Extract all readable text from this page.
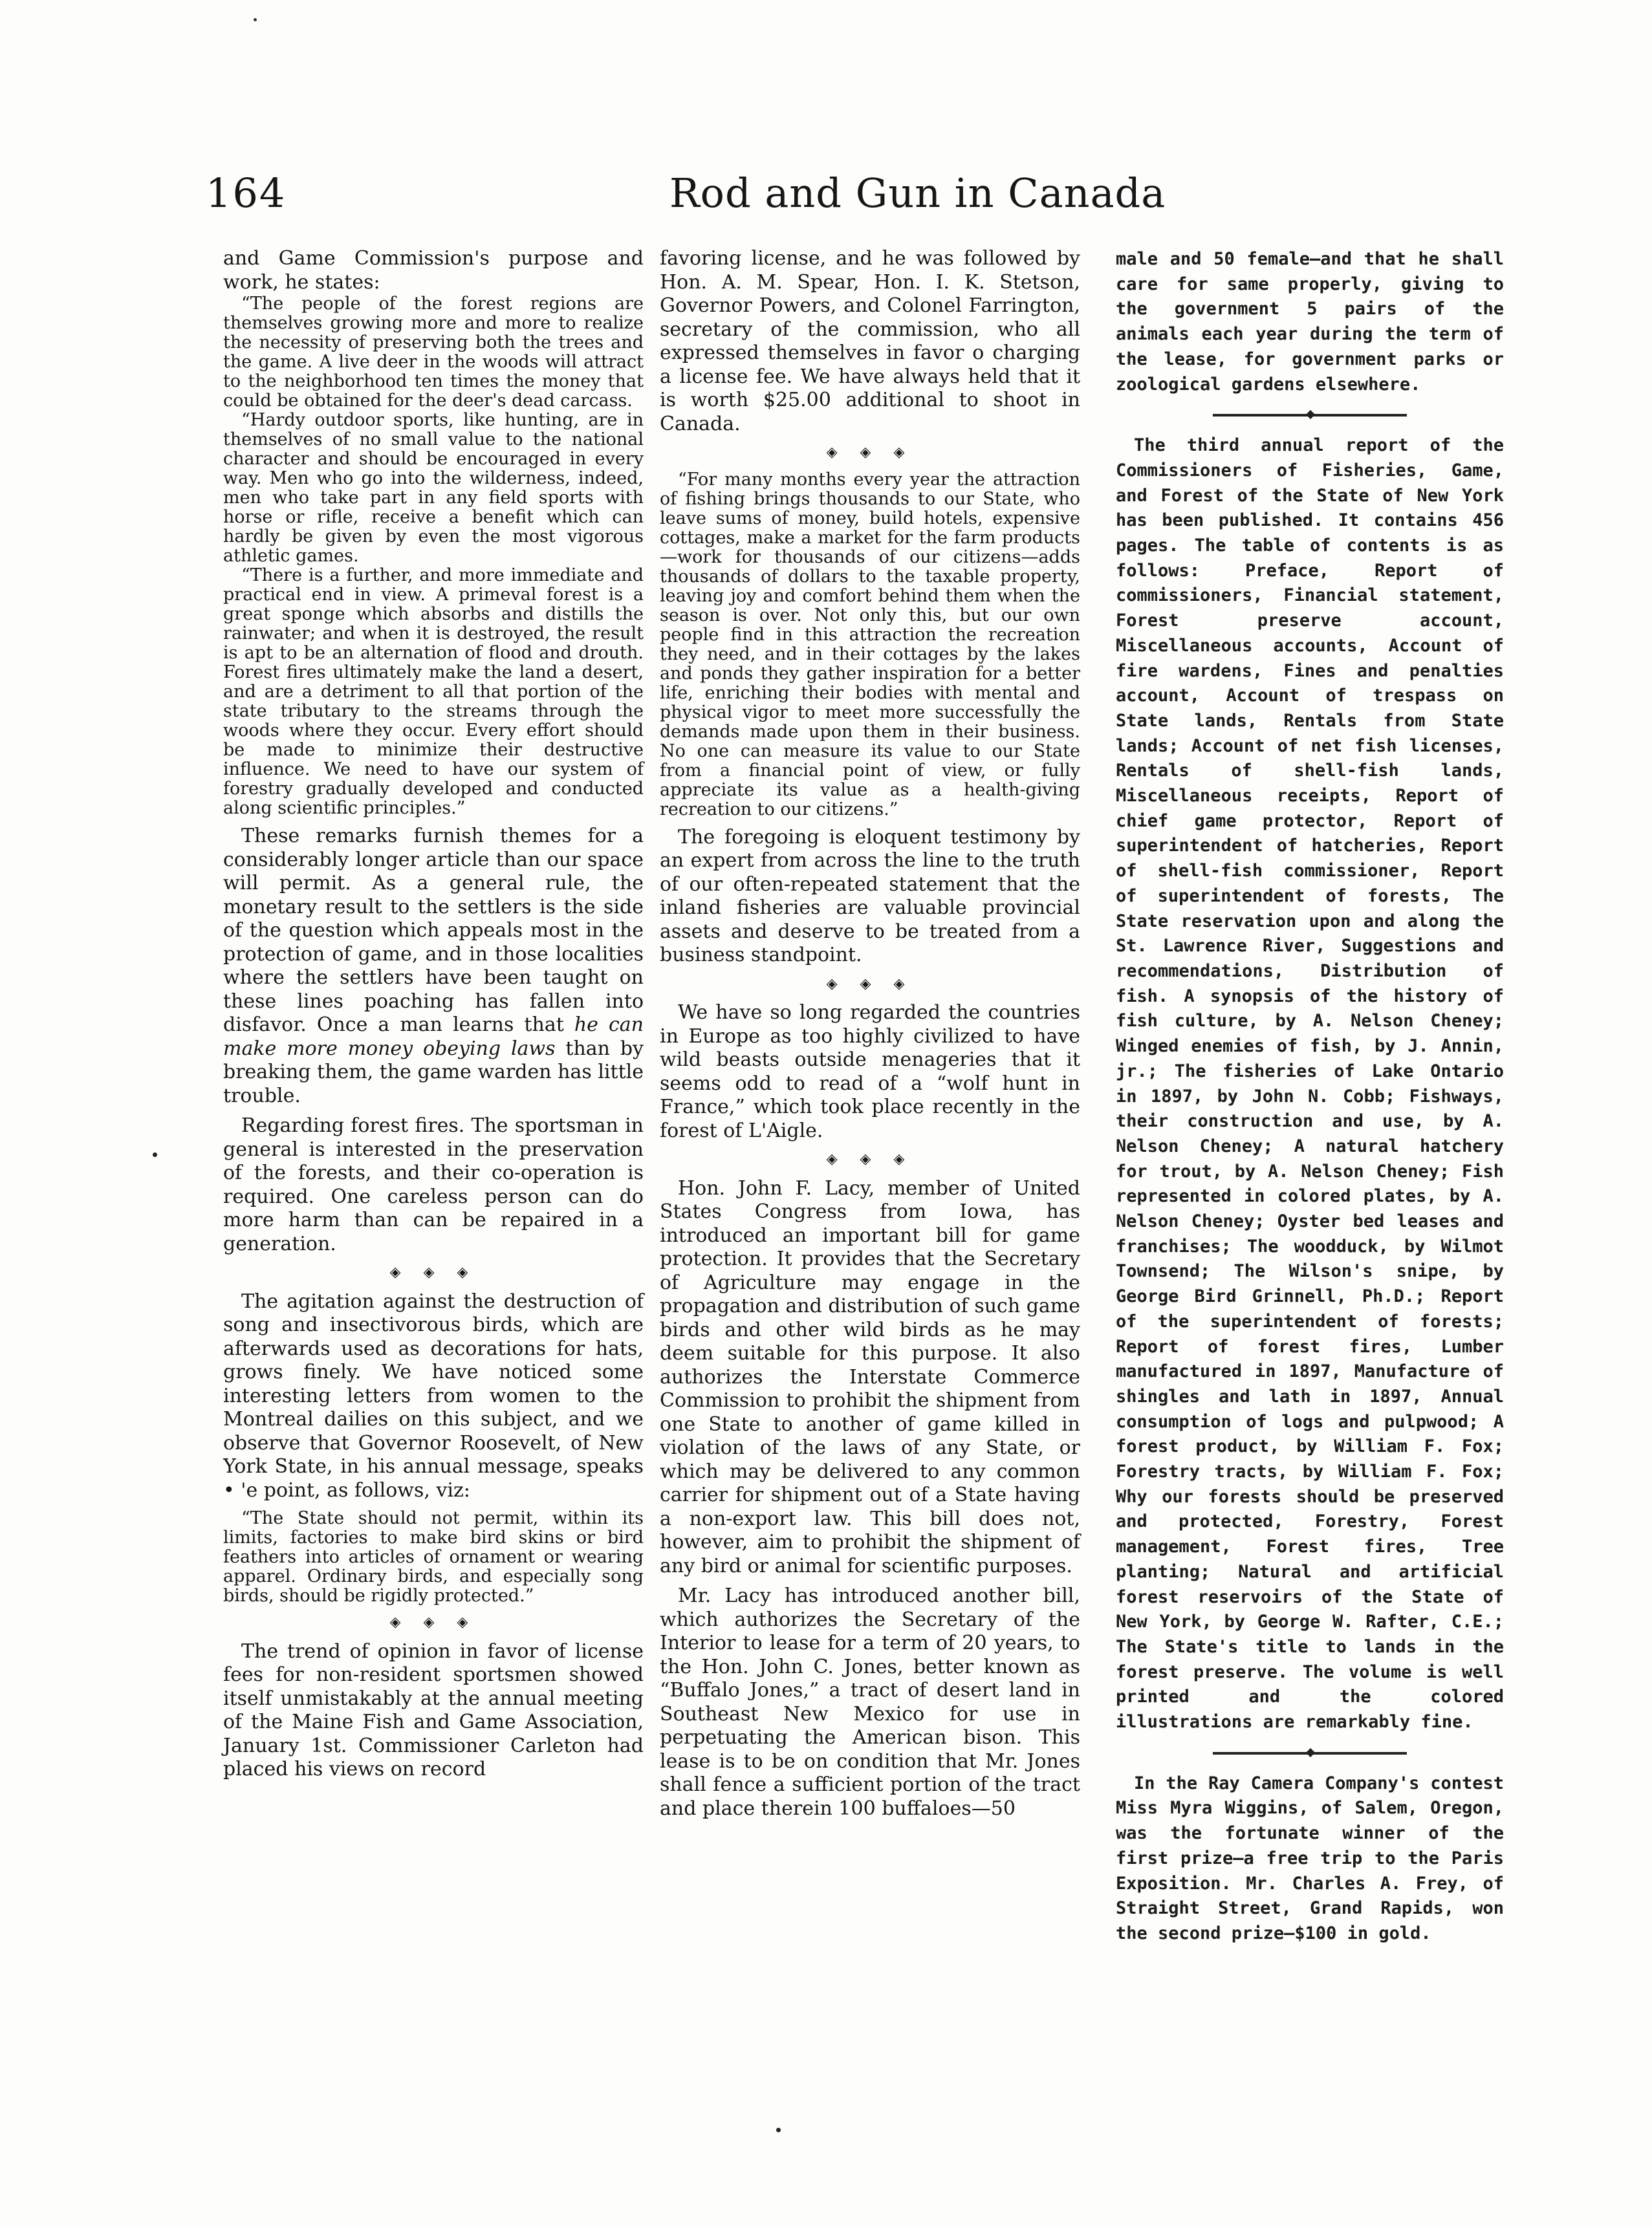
164	Rod and Gun in Canada

and Game Commission's purpose and work, he states:

“The people of the forest regions are themselves growing more and more to realize the necessity of preserving both the trees and the game. A live deer in the woods will attract to the neighborhood ten times the money that could be obtained for the deer's dead carcass.

“Hardy outdoor sports, like hunting, are in themselves of no small value to the national character and should be encouraged in every way. Men who go into the wilderness, indeed, men who take part in any field sports with horse or rifle, receive a benefit which can hardly be given by even the most vigorous athletic games.

“There is a further, and more immediate and practical end in view. A primeval forest is a great sponge which absorbs and distills the rainwater; and when it is destroyed, the result is apt to be an alternation of flood and drouth. Forest fires ultimately make the land a desert, and are a detriment to all that portion of the state tributary to the streams through the woods where they occur. Every effort should be made to minimize their destructive influence. We need to have our system of forestry gradually developed and conducted along scientific principles.”

These remarks furnish themes for a considerably longer article than our space will permit. As a general rule, the monetary result to the settlers is the side of the question which appeals most in the protection of game, and in those localities where the settlers have been taught on these lines poaching has fallen into disfavor. Once a man learns that he can make more money obeying laws than by breaking them, the game warden has little trouble.

Regarding forest fires. The sportsman in general is interested in the preservation of the forests, and their co-operation is required. One careless person can do more harm than can be repaired in a generation.

◈ ◈ ◈

The agitation against the destruction of song and insectivorous birds, which are afterwards used as decorations for hats, grows finely. We have noticed some interesting letters from women to the Montreal dailies on this subject, and we observe that Governor Roosevelt, of New York State, in his annual message, speaks • 'e point, as follows, viz:

“The State should not permit, within its limits, factories to make bird skins or bird feathers into articles of ornament or wearing apparel. Ordinary birds, and especially song birds, should be rigidly protected.”

◈ ◈ ◈

The trend of opinion in favor of license fees for non-resident sportsmen showed itself unmistakably at the annual meeting of the Maine Fish and Game Association, January 1st. Commissioner Carleton had placed his views on record

favoring license, and he was followed by Hon. A. M. Spear, Hon. I. K. Stetson, Governor Powers, and Colonel Farrington, secretary of the commission, who all expressed themselves in favor o charging a license fee. We have always held that it is worth $25.00 additional to shoot in Canada.

◈ ◈ ◈

“For many months every year the attraction of fishing brings thousands to our State, who leave sums of money, build hotels, expensive cottages, make a market for the farm products—work for thousands of our citizens—adds thousands of dollars to the taxable property, leaving joy and comfort behind them when the season is over. Not only this, but our own people find in this attraction the recreation they need, and in their cottages by the lakes and ponds they gather inspiration for a better life, enriching their bodies with mental and physical vigor to meet more successfully the demands made upon them in their business. No one can measure its value to our State from a financial point of view, or fully appreciate its value as a health-giving recreation to our citizens.”

The foregoing is eloquent testimony by an expert from across the line to the truth of our often-repeated statement that the inland fisheries are valuable provincial assets and deserve to be treated from a business standpoint.

◈ ◈ ◈

We have so long regarded the countries in Europe as too highly civilized to have wild beasts outside menageries that it seems odd to read of a “wolf hunt in France,” which took place recently in the forest of L'Aigle.

◈ ◈ ◈

Hon. John F. Lacy, member of United States Congress from Iowa, has introduced an important bill for game protection. It provides that the Secretary of Agriculture may engage in the propagation and distribution of such game birds and other wild birds as he may deem suitable for this purpose. It also authorizes the Interstate Commerce Commission to prohibit the shipment from one State to another of game killed in violation of the laws of any State, or which may be delivered to any common carrier for shipment out of a State having a non-export law. This bill does not, however, aim to prohibit the shipment of any bird or animal for scientific purposes.

Mr. Lacy has introduced another bill, which authorizes the Secretary of the Interior to lease for a term of 20 years, to the Hon. John C. Jones, better known as “Buffalo Jones,” a tract of desert land in Southeast New Mexico for use in perpetuating the American bison. This lease is to be on condition that Mr. Jones shall fence a sufficient portion of the tract and place therein 100 buffaloes—50

male and 50 female—and that he shall care for same properly, giving to the government 5 pairs of the animals each year during the term of the lease, for government parks or zoological gardens elsewhere.

The third annual report of the Commissioners of Fisheries, Game, and Forest of the State of New York has been published. It contains 456 pages. The table of contents is as follows: Preface, Report of commissioners, Financial statement, Forest preserve account, Miscellaneous accounts, Account of fire wardens, Fines and penalties account, Account of trespass on State lands, Rentals from State lands; Account of net fish licenses, Rentals of shell-fish lands, Miscellaneous receipts, Report of chief game protector, Report of superintendent of hatcheries, Report of shell-fish commissioner, Report of superintendent of forests, The State reservation upon and along the St. Lawrence River, Suggestions and recommendations, Distribution of fish. A synopsis of the history of fish culture, by A. Nelson Cheney; Winged enemies of fish, by J. Annin, jr.; The fisheries of Lake Ontario in 1897, by John N. Cobb; Fishways, their construction and use, by A. Nelson Cheney; A natural hatchery for trout, by A. Nelson Cheney; Fish represented in colored plates, by A. Nelson Cheney; Oyster bed leases and franchises; The woodduck, by Wilmot Townsend; The Wilson's snipe, by George Bird Grinnell, Ph.D.; Report of the superintendent of forests; Report of forest fires, Lumber manufactured in 1897, Manufacture of shingles and lath in 1897, Annual consumption of logs and pulpwood; A forest product, by William F. Fox; Forestry tracts, by William F. Fox; Why our forests should be preserved and protected, Forestry, Forest management, Forest fires, Tree planting; Natural and artificial forest reservoirs of the State of New York, by George W. Rafter, C.E.; The State's title to lands in the forest preserve. The volume is well printed and the colored illustrations are remarkably fine.

In the Ray Camera Company's contest Miss Myra Wiggins, of Salem, Oregon, was the fortunate winner of the first prize—a free trip to the Paris Exposition. Mr. Charles A. Frey, of Straight Street, Grand Rapids, won the second prize—$100 in gold.
